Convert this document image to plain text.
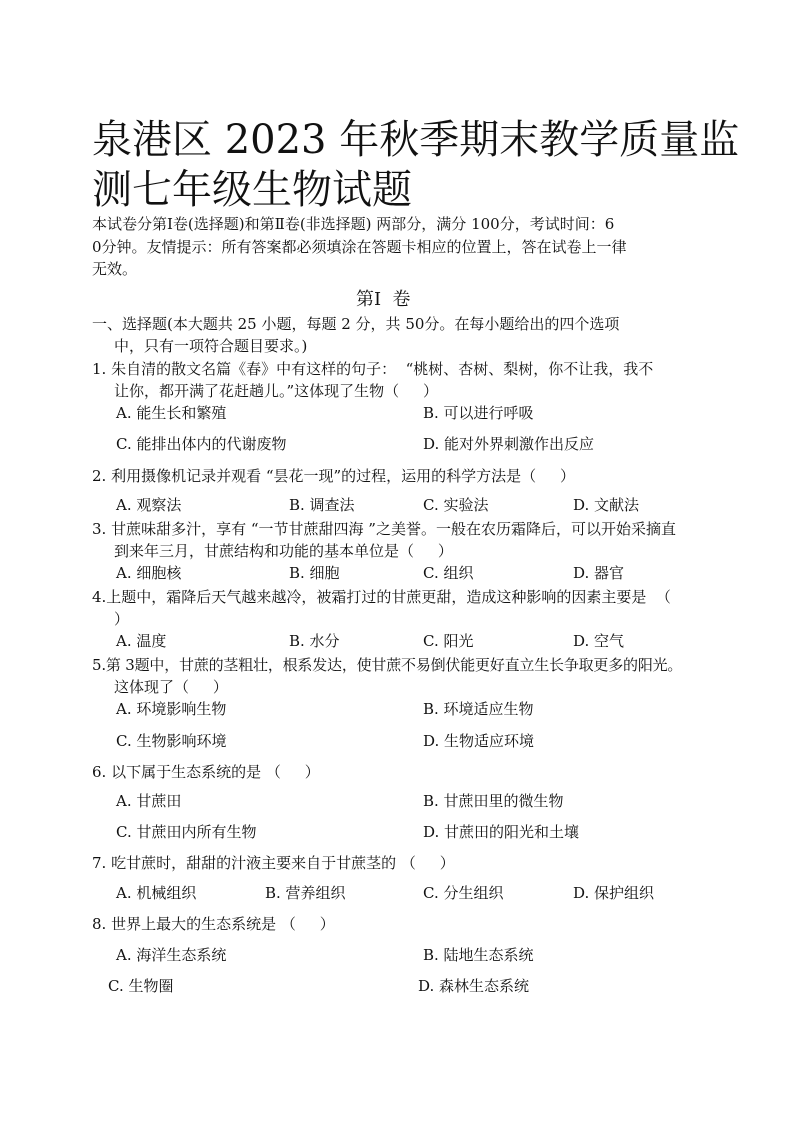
泉港区 2023 年秋季期末教学质量监
测七年级生物试题
本试卷分第Ⅰ卷(选择题)和第Ⅱ卷(非选择题) 两部分，满分 100分，考试时间：6
0分钟。友情提示：所有答案都必须填涂在答题卡相应的位置上，答在试卷上一律
无效。
第Ⅰ  卷
一、选择题(本大题共 25 小题，每题 2 分，共 50分。在每小题给出的四个选项
中，只有一项符合题目要求。)
1. 朱自清的散文名篇《春》中有这样的句子：  “桃树、杏树、梨树，你不让我，我不
让你，都开满了花赶趟儿。”这体现了生物（     ）
A. 能生长和繁殖	B. 可以进行呼吸
C. 能排出体内的代谢废物	D. 能对外界刺激作出反应
2. 利用摄像机记录并观看 “昙花一现”的过程，运用的科学方法是（     ）
A. 观察法	B. 调查法	C. 实验法	D. 文献法
3. 甘蔗味甜多汁，享有 “一节甘蔗甜四海 ”之美誉。一般在农历霜降后，可以开始采摘直
到来年三月，甘蔗结构和功能的基本单位是（     ）
A. 细胞核	B. 细胞	C. 组织	D. 器官
4.上题中，霜降后天气越来越冷，被霜打过的甘蔗更甜，造成这种影响的因素主要是  （
）
A. 温度	B. 水分	C. 阳光	D. 空气
5.第 3题中，甘蔗的茎粗壮，根系发达，使甘蔗不易倒伏能更好直立生长争取更多的阳光。
这体现了（     ）
A. 环境影响生物	B. 环境适应生物
C. 生物影响环境	D. 生物适应环境
6. 以下属于生态系统的是 （     ）
A. 甘蔗田	B. 甘蔗田里的微生物
C. 甘蔗田内所有生物	D. 甘蔗田的阳光和土壤
7. 吃甘蔗时，甜甜的汁液主要来自于甘蔗茎的 （     ）
A. 机械组织	B. 营养组织	C. 分生组织	D. 保护组织
8. 世界上最大的生态系统是 （     ）
A. 海洋生态系统	B. 陆地生态系统
C. 生物圈	D. 森林生态系统
